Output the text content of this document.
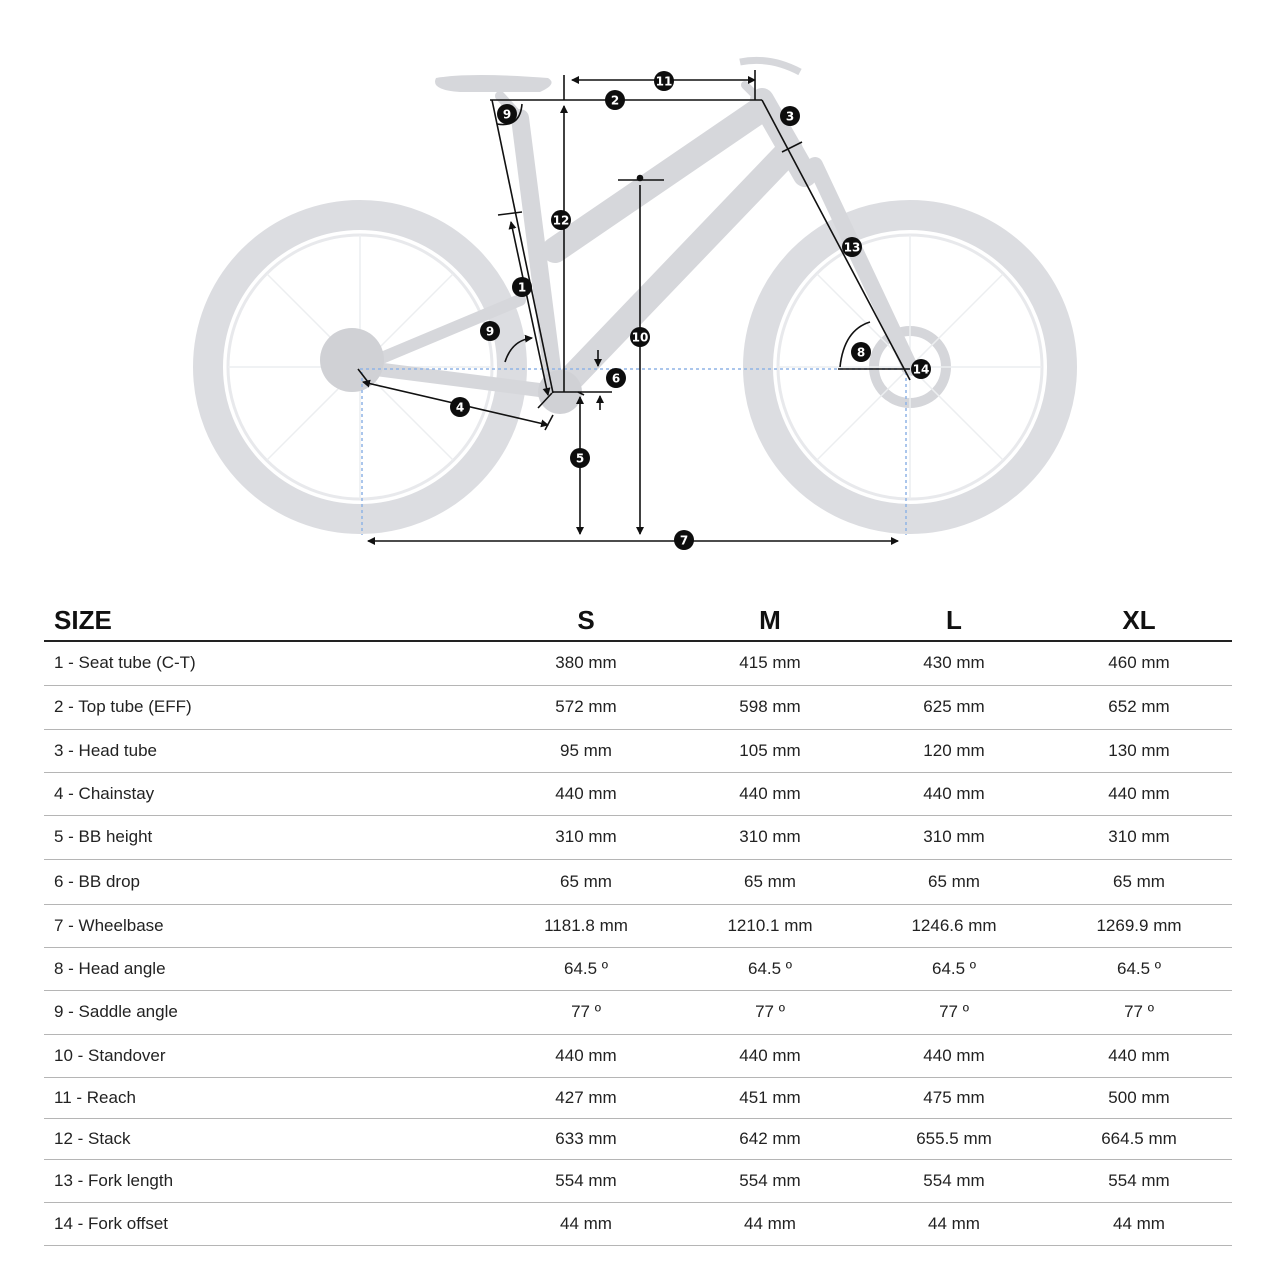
1
2
3
4
5
6
7
8
9
9	10
11
12
13
14
SIZE	S	M	L	XL
1 - Seat tube (C-T)	380 mm	415 mm	430 mm	460 mm
2 - Top tube (EFF)	572 mm	598 mm	625 mm	652 mm
3 - Head tube	95 mm	105 mm	120 mm	130 mm
4 - Chainstay	440 mm	440 mm	440 mm	440 mm
5 - BB height	310 mm	310 mm	310 mm	310 mm
6 - BB drop	65 mm	65 mm	65 mm	65 mm
7 - Wheelbase	1181.8 mm	1210.1 mm	1246.6 mm	1269.9 mm
8 - Head angle	64.5 º	64.5 º	64.5 º	64.5 º
9 - Saddle angle	77 º	77 º	77 º	77 º
10 - Standover	440 mm	440 mm	440 mm	440 mm
11 - Reach	427 mm	451 mm	475 mm	500 mm
12 - Stack	633 mm	642 mm	655.5 mm	664.5 mm
13 - Fork length	554 mm	554 mm	554 mm	554 mm
14 - Fork offset	44 mm	44 mm	44 mm	44 mm
